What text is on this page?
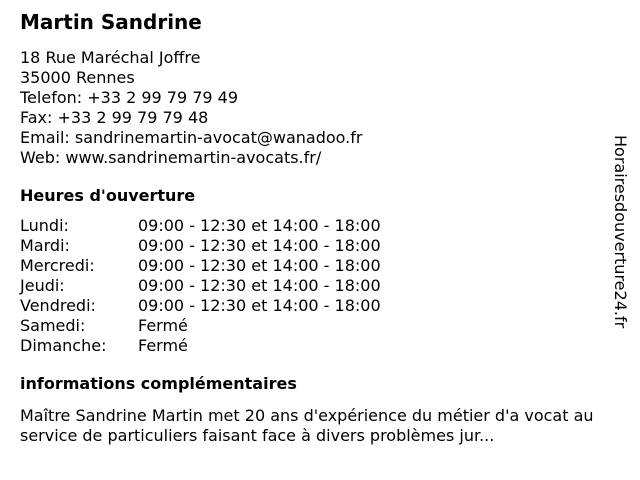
Martin Sandrine
18 Rue Maréchal Joffre
35000 Rennes
Telefon: +33 2 99 79 79 49
Fax: +33 2 99 79 79 48
Email: sandrinemartin-avocat@wanadoo.fr
Web: www.sandrinemartin-avocats.fr/
Heures d'ouverture
Lundi:	09:00 - 12:30 et 14:00 - 18:00
Mardi:	09:00 - 12:30 et 14:00 - 18:00
Mercredi:	09:00 - 12:30 et 14:00 - 18:00
Jeudi:	09:00 - 12:30 et 14:00 - 18:00
Vendredi:	09:00 - 12:30 et 14:00 - 18:00
Samedi:	Fermé
Dimanche:	Fermé
informations complémentaires
Maître Sandrine Martin met 20 ans d'expérience du métier d'a vocat au service de particuliers faisant face à divers problèmes jur...
Horairesdouverture24.fr
